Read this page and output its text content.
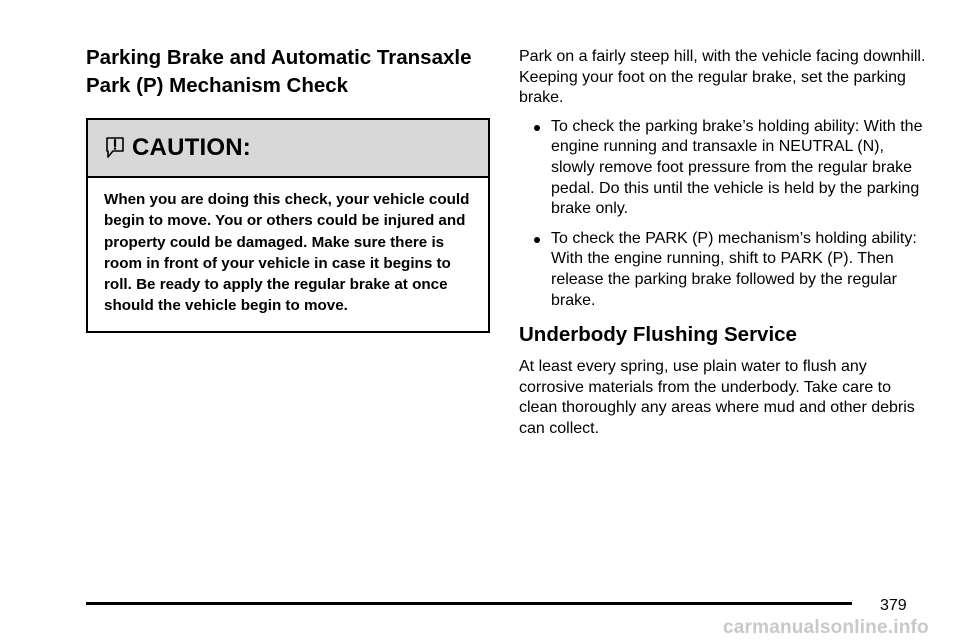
Parking Brake and Automatic Transaxle Park (P) Mechanism Check
CAUTION:
When you are doing this check, your vehicle could begin to move. You or others could be injured and property could be damaged. Make sure there is room in front of your vehicle in case it begins to roll. Be ready to apply the regular brake at once should the vehicle begin to move.

Park on a fairly steep hill, with the vehicle facing downhill. Keeping your foot on the regular brake, set the parking brake.

To check the parking brake’s holding ability: With the engine running and transaxle in NEUTRAL (N), slowly remove foot pressure from the regular brake pedal. Do this until the vehicle is held by the parking brake only.
To check the PARK (P) mechanism’s holding ability: With the engine running, shift to PARK (P). Then release the parking brake followed by the regular brake.
Underbody Flushing Service

At least every spring, use plain water to flush any corrosive materials from the underbody. Take care to clean thoroughly any areas where mud and other debris can collect.

379
carmanualsonline.info
